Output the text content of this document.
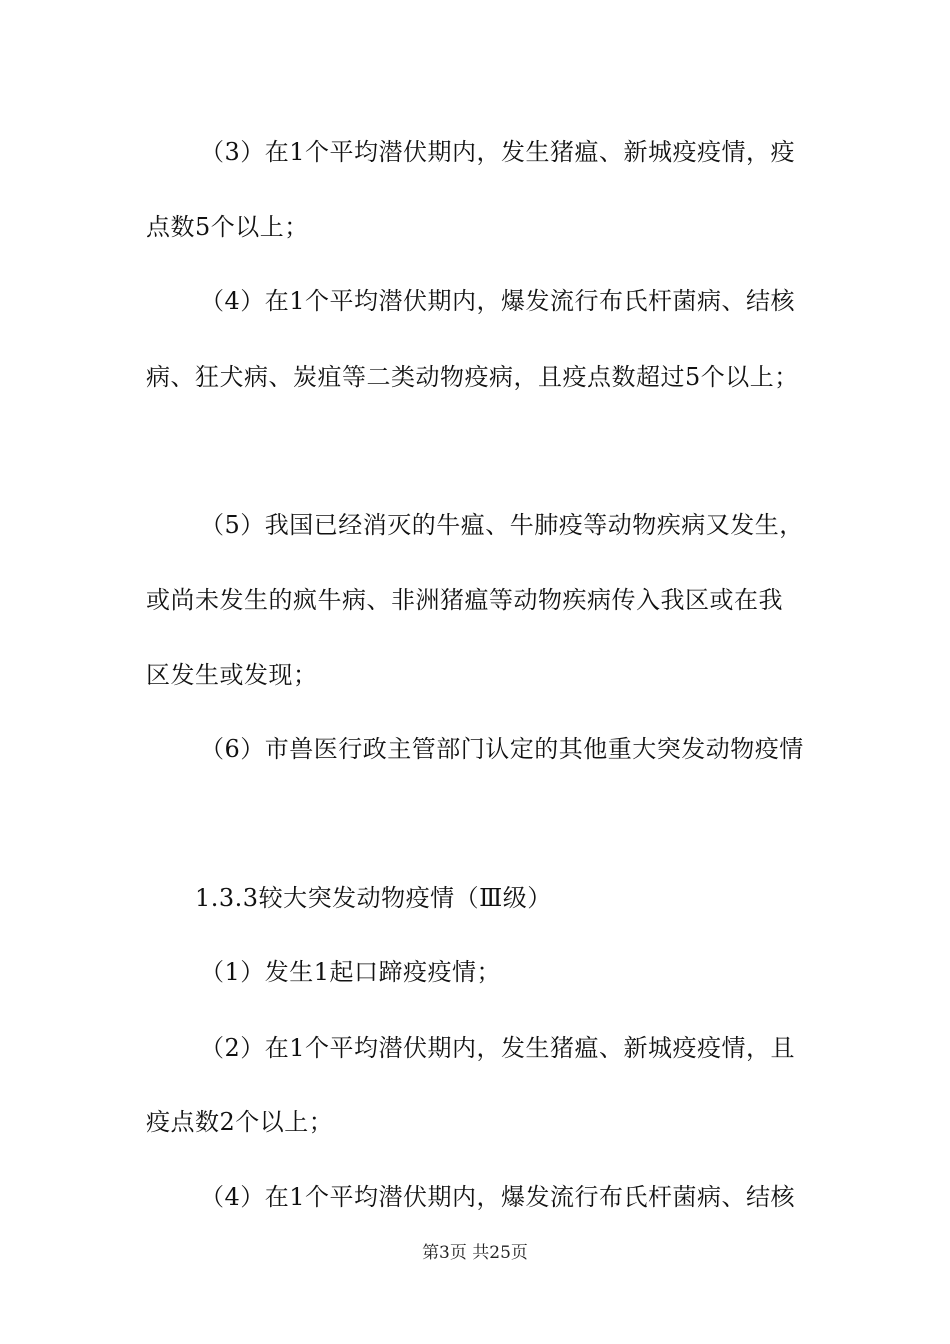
（3）在1个平均潜伏期内，发生猪瘟、新城疫疫情，疫
点数5个以上；
（4）在1个平均潜伏期内，爆发流行布氏杆菌病、结核
病、狂犬病、炭疽等二类动物疫病，且疫点数超过5个以上；
（5）我国已经消灭的牛瘟、牛肺疫等动物疾病又发生，
或尚未发生的疯牛病、非洲猪瘟等动物疾病传入我区或在我
区发生或发现；
（6）市兽医行政主管部门认定的其他重大突发动物疫情
1.3.3较大突发动物疫情（Ⅲ级）
（1）发生1起口蹄疫疫情；
（2）在1个平均潜伏期内，发生猪瘟、新城疫疫情，且
疫点数2个以上；
（4）在1个平均潜伏期内，爆发流行布氏杆菌病、结核
第3页 共25页
